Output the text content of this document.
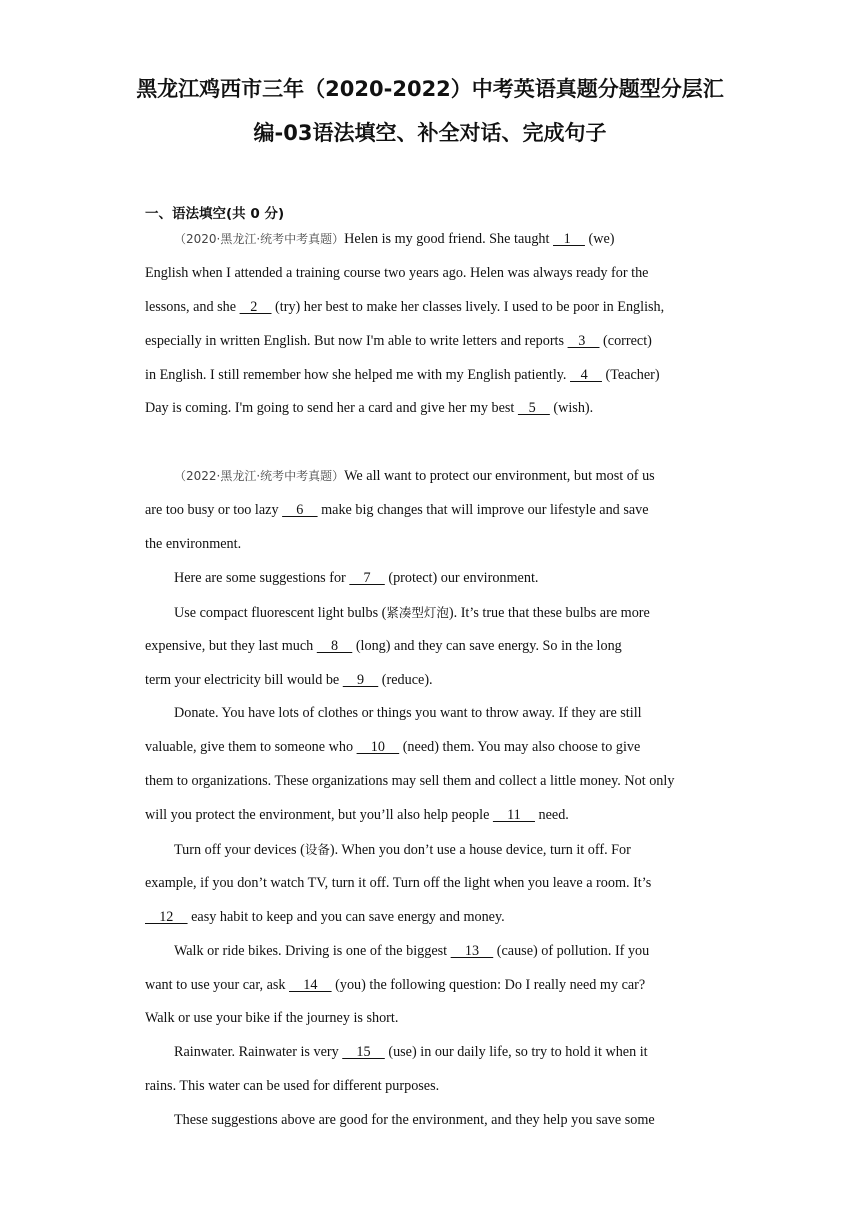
黑龙江鸡西市三年（2020-2022）中考英语真题分题型分层汇
编-03语法填空、补全对话、完成句子
一、语法填空(共 0 分)
（2020·黑龙江·统考中考真题）Helen is my good friend. She taught    1     (we)
English when I attended a training course two years ago. Helen was always ready for the
lessons, and she    2     (try) her best to make her classes lively. I used to be poor in English,
especially in written English. But now I'm able to write letters and reports    3     (correct)
in English. I still remember how she helped me with my English patiently.    4     (Teacher)
Day is coming. I'm going to send her a card and give her my best    5     (wish).
（2022·黑龙江·统考中考真题）We all want to protect our environment, but most of us
are too busy or too lazy     6     make big changes that will improve our lifestyle and save
the environment.
Here are some suggestions for     7     (protect) our environment.
Use compact fluorescent light bulbs (紧凑型灯泡). It’s true that these bulbs are more
expensive, but they last much     8     (long) and they can save energy. So in the long
term your electricity bill would be     9     (reduce).
Donate. You have lots of clothes or things you want to throw away. If they are still
valuable, give them to someone who     10     (need) them. You may also choose to give
them to organizations. These organizations may sell them and collect a little money. Not only
will you protect the environment, but you’ll also help people     11     need.
Turn off your devices (设备). When you don’t use a house device, turn it off. For
example, if you don’t watch TV, turn it off. Turn off the light when you leave a room. It’s
12     easy habit to keep and you can save energy and money.
Walk or ride bikes. Driving is one of the biggest     13     (cause) of pollution. If you
want to use your car, ask     14     (you) the following question: Do I really need my car?
Walk or use your bike if the journey is short.
Rainwater. Rainwater is very     15     (use) in our daily life, so try to hold it when it
rains. This water can be used for different purposes.
These suggestions above are good for the environment, and they help you save some
